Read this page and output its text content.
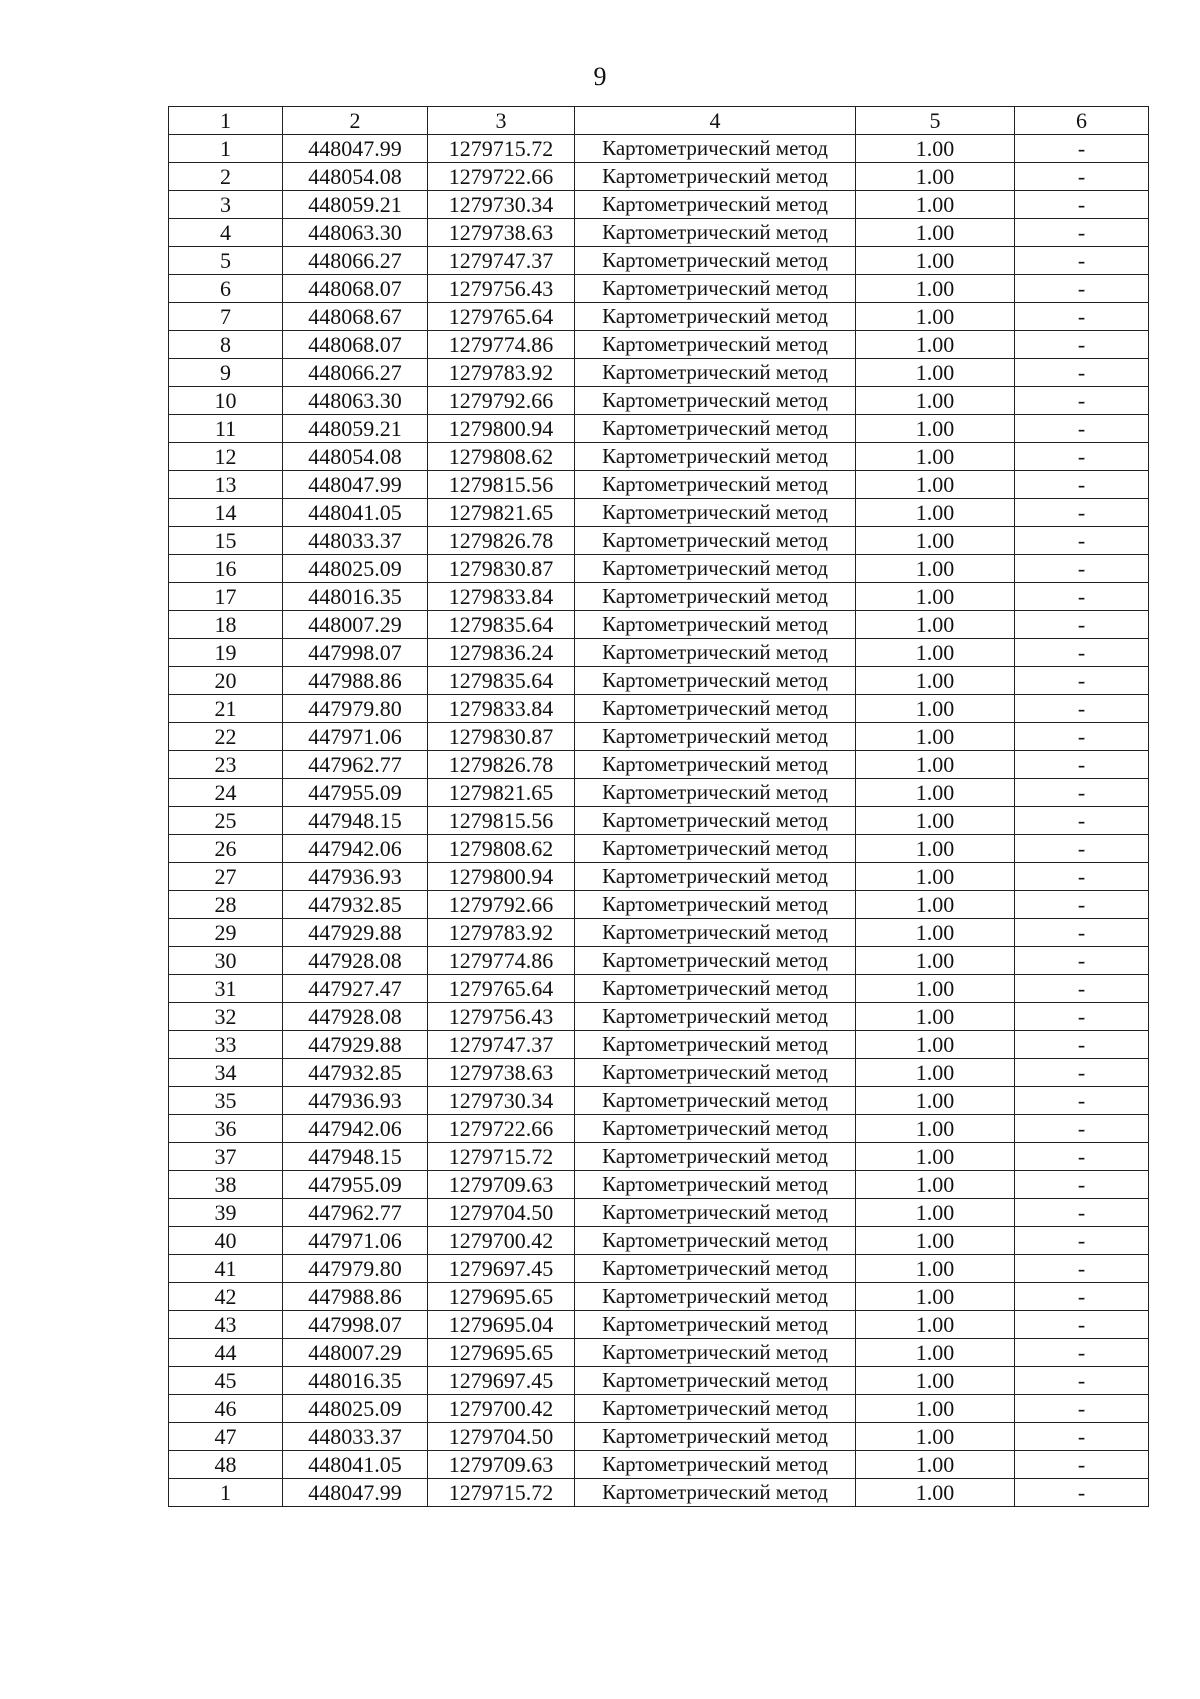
9
1	2	3	4	5	6
1	448047.99	1279715.72	Картометрический метод	1.00	-
2	448054.08	1279722.66	Картометрический метод	1.00	-
3	448059.21	1279730.34	Картометрический метод	1.00	-
4	448063.30	1279738.63	Картометрический метод	1.00	-
5	448066.27	1279747.37	Картометрический метод	1.00	-
6	448068.07	1279756.43	Картометрический метод	1.00	-
7	448068.67	1279765.64	Картометрический метод	1.00	-
8	448068.07	1279774.86	Картометрический метод	1.00	-
9	448066.27	1279783.92	Картометрический метод	1.00	-
10	448063.30	1279792.66	Картометрический метод	1.00	-
11	448059.21	1279800.94	Картометрический метод	1.00	-
12	448054.08	1279808.62	Картометрический метод	1.00	-
13	448047.99	1279815.56	Картометрический метод	1.00	-
14	448041.05	1279821.65	Картометрический метод	1.00	-
15	448033.37	1279826.78	Картометрический метод	1.00	-
16	448025.09	1279830.87	Картометрический метод	1.00	-
17	448016.35	1279833.84	Картометрический метод	1.00	-
18	448007.29	1279835.64	Картометрический метод	1.00	-
19	447998.07	1279836.24	Картометрический метод	1.00	-
20	447988.86	1279835.64	Картометрический метод	1.00	-
21	447979.80	1279833.84	Картометрический метод	1.00	-
22	447971.06	1279830.87	Картометрический метод	1.00	-
23	447962.77	1279826.78	Картометрический метод	1.00	-
24	447955.09	1279821.65	Картометрический метод	1.00	-
25	447948.15	1279815.56	Картометрический метод	1.00	-
26	447942.06	1279808.62	Картометрический метод	1.00	-
27	447936.93	1279800.94	Картометрический метод	1.00	-
28	447932.85	1279792.66	Картометрический метод	1.00	-
29	447929.88	1279783.92	Картометрический метод	1.00	-
30	447928.08	1279774.86	Картометрический метод	1.00	-
31	447927.47	1279765.64	Картометрический метод	1.00	-
32	447928.08	1279756.43	Картометрический метод	1.00	-
33	447929.88	1279747.37	Картометрический метод	1.00	-
34	447932.85	1279738.63	Картометрический метод	1.00	-
35	447936.93	1279730.34	Картометрический метод	1.00	-
36	447942.06	1279722.66	Картометрический метод	1.00	-
37	447948.15	1279715.72	Картометрический метод	1.00	-
38	447955.09	1279709.63	Картометрический метод	1.00	-
39	447962.77	1279704.50	Картометрический метод	1.00	-
40	447971.06	1279700.42	Картометрический метод	1.00	-
41	447979.80	1279697.45	Картометрический метод	1.00	-
42	447988.86	1279695.65	Картометрический метод	1.00	-
43	447998.07	1279695.04	Картометрический метод	1.00	-
44	448007.29	1279695.65	Картометрический метод	1.00	-
45	448016.35	1279697.45	Картометрический метод	1.00	-
46	448025.09	1279700.42	Картометрический метод	1.00	-
47	448033.37	1279704.50	Картометрический метод	1.00	-
48	448041.05	1279709.63	Картометрический метод	1.00	-
1	448047.99	1279715.72	Картометрический метод	1.00	-
